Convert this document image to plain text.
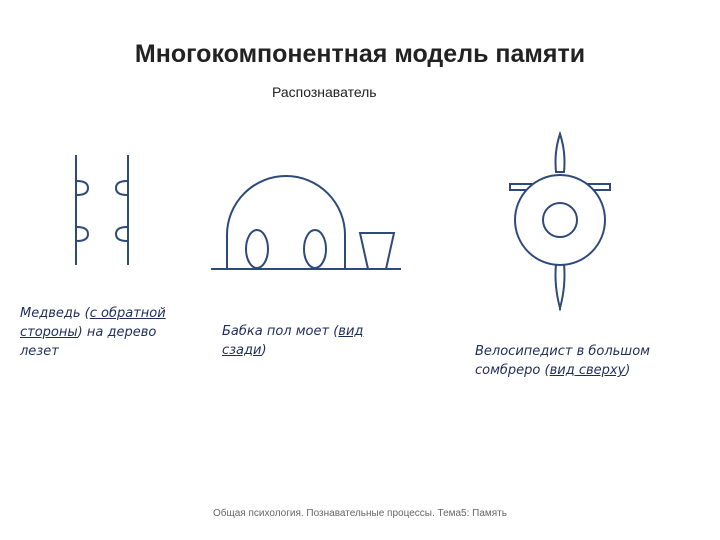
Многокомпонентная модель памяти
Распознаватель
Медведь (с обратной стороны) на дерево лезет
Бабка пол моет (вид сзади)	Велосипедист в большом сомбреро (вид сверху)
Общая психология. Познавательные процессы. Тема5: Память
